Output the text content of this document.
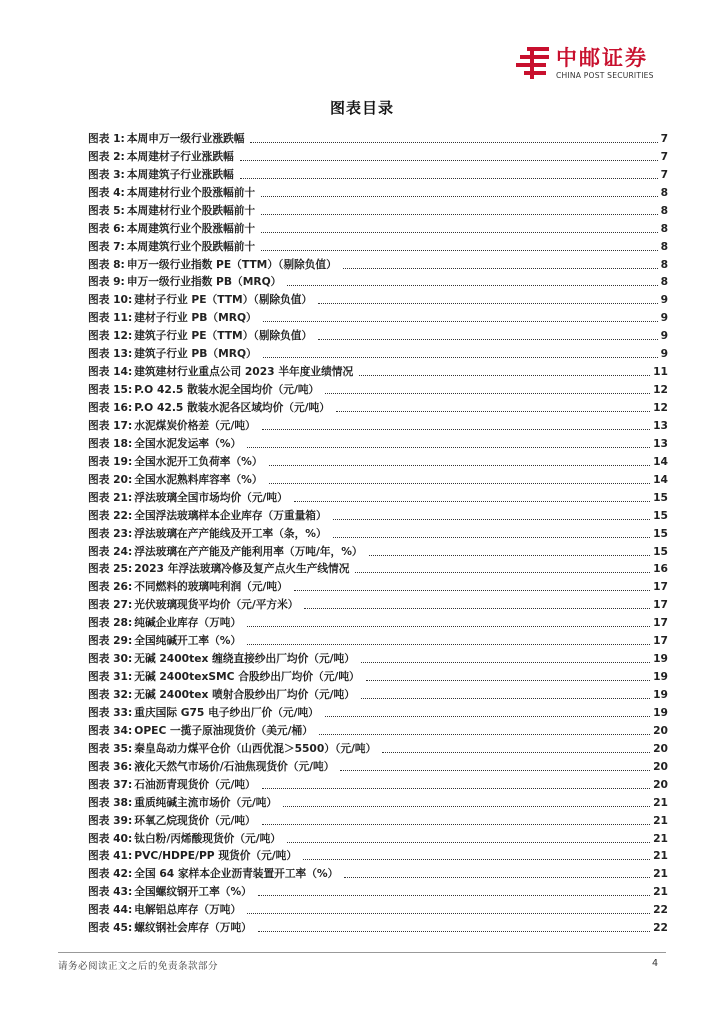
中邮证券
CHINA POST SECURITIES
图表目录
图表 1: 本周申万一级行业涨跌幅	7
图表 2: 本周建材子行业涨跌幅	7
图表 3: 本周建筑子行业涨跌幅	7
图表 4: 本周建材行业个股涨幅前十	8
图表 5: 本周建材行业个股跌幅前十	8
图表 6: 本周建筑行业个股涨幅前十	8
图表 7: 本周建筑行业个股跌幅前十	8
图表 8: 申万一级行业指数 PE（TTM）（剔除负值）	8
图表 9: 申万一级行业指数 PB（MRQ）	8
图表 10: 建材子行业 PE（TTM）（剔除负值）	9
图表 11: 建材子行业 PB（MRQ）	9
图表 12: 建筑子行业 PE（TTM）（剔除负值）	9
图表 13: 建筑子行业 PB（MRQ）	9
图表 14: 建筑建材行业重点公司 2023 半年度业绩情况	11
图表 15: P.O 42.5 散装水泥全国均价（元/吨）	12
图表 16: P.O 42.5 散装水泥各区域均价（元/吨）	12
图表 17: 水泥煤炭价格差（元/吨）	13
图表 18: 全国水泥发运率（%）	13
图表 19: 全国水泥开工负荷率（%）	14
图表 20: 全国水泥熟料库容率（%）	14
图表 21: 浮法玻璃全国市场均价（元/吨）	15
图表 22: 全国浮法玻璃样本企业库存（万重量箱）	15
图表 23: 浮法玻璃在产产能线及开工率（条，%）	15
图表 24: 浮法玻璃在产产能及产能利用率（万吨/年，%）	15
图表 25: 2023 年浮法玻璃冷修及复产点火生产线情况	16
图表 26: 不同燃料的玻璃吨利润（元/吨）	17
图表 27: 光伏玻璃现货平均价（元/平方米）	17
图表 28: 纯碱企业库存（万吨）	17
图表 29: 全国纯碱开工率（%）	17
图表 30: 无碱 2400tex 缠绕直接纱出厂均价（元/吨）	19
图表 31: 无碱 2400texSMC 合股纱出厂均价（元/吨）	19
图表 32: 无碱 2400tex 喷射合股纱出厂均价（元/吨）	19
图表 33: 重庆国际 G75 电子纱出厂价（元/吨）	19
图表 34: OPEC 一揽子原油现货价（美元/桶）	20
图表 35: 秦皇岛动力煤平仓价（山西优混＞5500）（元/吨）	20
图表 36: 液化天然气市场价/石油焦现货价（元/吨）	20
图表 37: 石油沥青现货价（元/吨）	20
图表 38: 重质纯碱主流市场价（元/吨）	21
图表 39: 环氧乙烷现货价（元/吨）	21
图表 40: 钛白粉/丙烯酸现货价（元/吨）	21
图表 41: PVC/HDPE/PP 现货价（元/吨）	21
图表 42: 全国 64 家样本企业沥青装置开工率（%）	21
图表 43: 全国螺纹钢开工率（%）	21
图表 44: 电解铝总库存（万吨）	22
图表 45: 螺纹钢社会库存（万吨）	22
请务必阅读正文之后的免责条款部分	4
